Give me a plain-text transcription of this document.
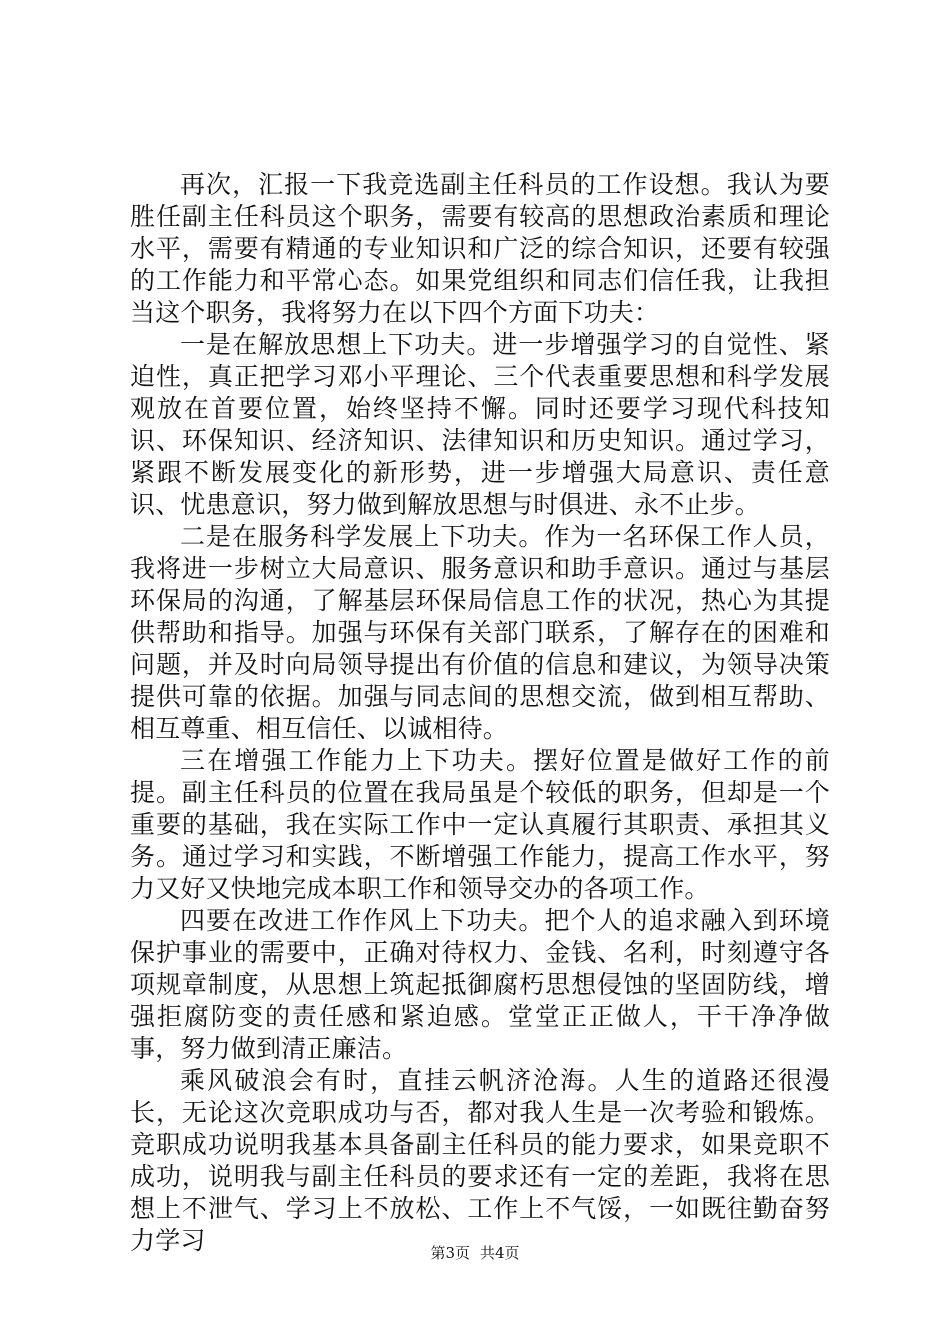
再次，汇报一下我竞选副主任科员的工作设想。我认为要胜任副主任科员这个职务，需要有较高的思想政治素质和理论水平，需要有精通的专业知识和广泛的综合知识，还要有较强的工作能力和平常心态。如果党组织和同志们信任我，让我担当这个职务，我将努力在以下四个方面下功夫：

一是在解放思想上下功夫。进一步增强学习的自觉性、紧迫性，真正把学习邓小平理论、三个代表重要思想和科学发展观放在首要位置，始终坚持不懈。同时还要学习现代科技知识、环保知识、经济知识、法律知识和历史知识。通过学习，紧跟不断发展变化的新形势，进一步增强大局意识、责任意识、忧患意识，努力做到解放思想与时俱进、永不止步。

二是在服务科学发展上下功夫。作为一名环保工作人员，我将进一步树立大局意识、服务意识和助手意识。通过与基层环保局的沟通，了解基层环保局信息工作的状况，热心为其提供帮助和指导。加强与环保有关部门联系，了解存在的困难和问题，并及时向局领导提出有价值的信息和建议，为领导决策提供可靠的依据。加强与同志间的思想交流，做到相互帮助、相互尊重、相互信任、以诚相待。

三在增强工作能力上下功夫。摆好位置是做好工作的前提。副主任科员的位置在我局虽是个较低的职务，但却是一个重要的基础，我在实际工作中一定认真履行其职责、承担其义务。通过学习和实践，不断增强工作能力，提高工作水平，努力又好又快地完成本职工作和领导交办的各项工作。

四要在改进工作作风上下功夫。把个人的追求融入到环境保护事业的需要中，正确对待权力、金钱、名利，时刻遵守各项规章制度，从思想上筑起抵御腐朽思想侵蚀的坚固防线，增强拒腐防变的责任感和紧迫感。堂堂正正做人，干干净净做事，努力做到清正廉洁。

乘风破浪会有时，直挂云帆济沧海。人生的道路还很漫长，无论这次竞职成功与否，都对我人生是一次考验和锻炼。竞职成功说明我基本具备副主任科员的能力要求，如果竞职不成功，说明我与副主任科员的要求还有一定的差距，我将在思想上不泄气、学习上不放松、工作上不气馁，一如既往勤奋努力学习	第3页 共4页
